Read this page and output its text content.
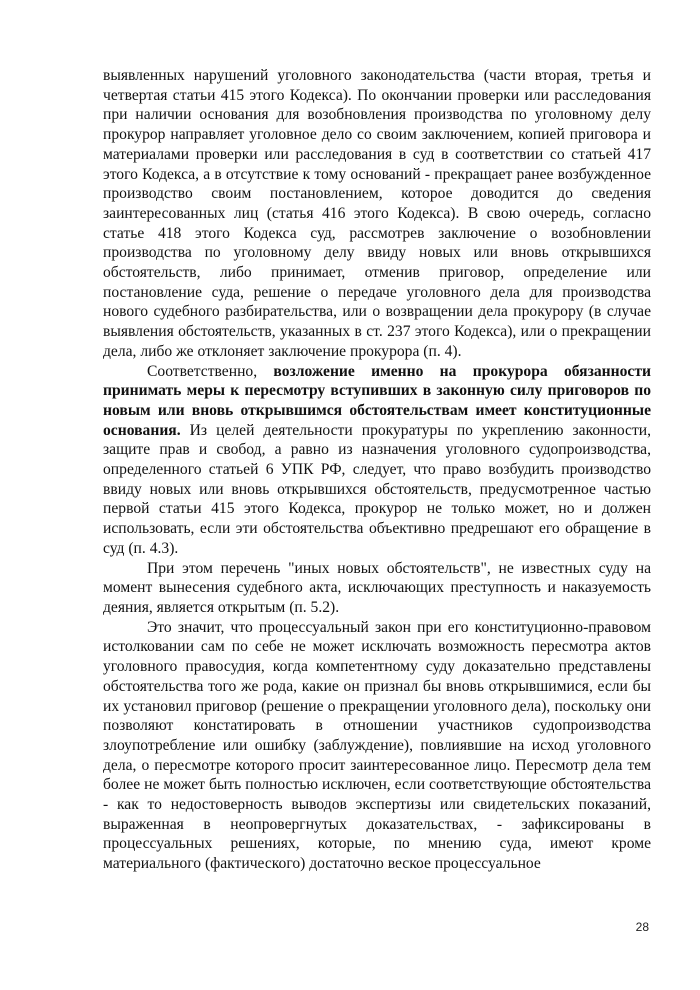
выявленных нарушений уголовного законодательства (части вторая, третья и четвертая статьи 415 этого Кодекса). По окончании проверки или расследования при наличии основания для возобновления производства по уголовному делу прокурор направляет уголовное дело со своим заключением, копией приговора и материалами проверки или расследования в суд в соответствии со статьей 417 этого Кодекса, а в отсутствие к тому оснований - прекращает ранее возбужденное производство своим постановлением, которое доводится до сведения заинтересованных лиц (статья 416 этого Кодекса). В свою очередь, согласно статье 418 этого Кодекса суд, рассмотрев заключение о возобновлении производства по уголовному делу ввиду новых или вновь открывшихся обстоятельств, либо принимает, отменив приговор, определение или постановление суда, решение о передаче уголовного дела для производства нового судебного разбирательства, или о возвращении дела прокурору (в случае выявления обстоятельств, указанных в ст. 237 этого Кодекса), или о прекращении дела, либо же отклоняет заключение прокурора (п. 4).

Соответственно, возложение именно на прокурора обязанности принимать меры к пересмотру вступивших в законную силу приговоров по новым или вновь открывшимся обстоятельствам имеет конституционные основания. Из целей деятельности прокуратуры по укреплению законности, защите прав и свобод, а равно из назначения уголовного судопроизводства, определенного статьей 6 УПК РФ, следует, что право возбудить производство ввиду новых или вновь открывшихся обстоятельств, предусмотренное частью первой статьи 415 этого Кодекса, прокурор не только может, но и должен использовать, если эти обстоятельства объективно предрешают его обращение в суд (п. 4.3).

При этом перечень "иных новых обстоятельств", не известных суду на момент вынесения судебного акта, исключающих преступность и наказуемость деяния, является открытым (п. 5.2).

Это значит, что процессуальный закон при его конституционно-правовом истолковании сам по себе не может исключать возможность пересмотра актов уголовного правосудия, когда компетентному суду доказательно представлены обстоятельства того же рода, какие он признал бы вновь открывшимися, если бы их установил приговор (решение о прекращении уголовного дела), поскольку они позволяют констатировать в отношении участников судопроизводства злоупотребление или ошибку (заблуждение), повлиявшие на исход уголовного дела, о пересмотре которого просит заинтересованное лицо. Пересмотр дела тем более не может быть полностью исключен, если соответствующие обстоятельства - как то недостоверность выводов экспертизы или свидетельских показаний, выраженная в неопровергнутых доказательствах, - зафиксированы в процессуальных решениях, которые, по мнению суда, имеют кроме материального (фактического) достаточно веское процессуальное

28
